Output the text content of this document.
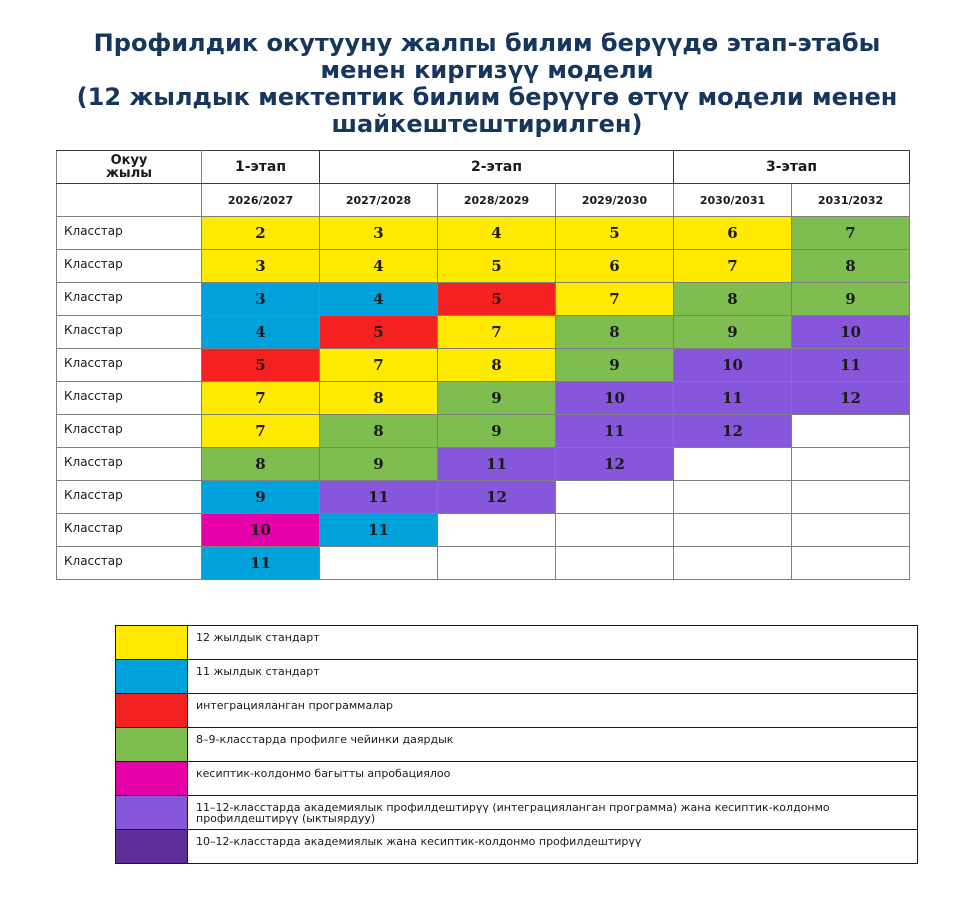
Профилдик окутууну жалпы билим берүүдө этап-этабы
менен киргизүү модели
(12 жылдык мектептик билим берүүгө өтүү модели менен
шайкештештирилген)
Окуу
жылы	1-этап	2-этап			3-этап	
	2026/2027	2027/2028	2028/2029	2029/2030	2030/2031	2031/2032
Класстар	2	3	4	5	6	7
Класстар	3	4	5	6	7	8
Класстар	3	4	5	7	8	9
Класстар	4	5	7	8	9	10
Класстар	5	7	8	9	10	11
Класстар	7	8	9	10	11	12
Класстар	7	8	9	11	12	
Класстар	8	9	11	12		
Класстар	9	11	12			
Класстар	10	11				
Класстар	11					
	12 жылдык стандарт
	11 жылдык стандарт
	интеграцияланган программалар
	8–9-класстарда профилге чейинки даярдык
	кесиптик-колдонмо багытты апробациялоо
	11–12-класстарда академиялык профилдештирүү (интеграцияланган программа) жана кесиптик-колдонмо профилдештирүү (ыктыярдуу)
	10–12-класстарда академиялык жана кесиптик-колдонмо профилдештирүү
